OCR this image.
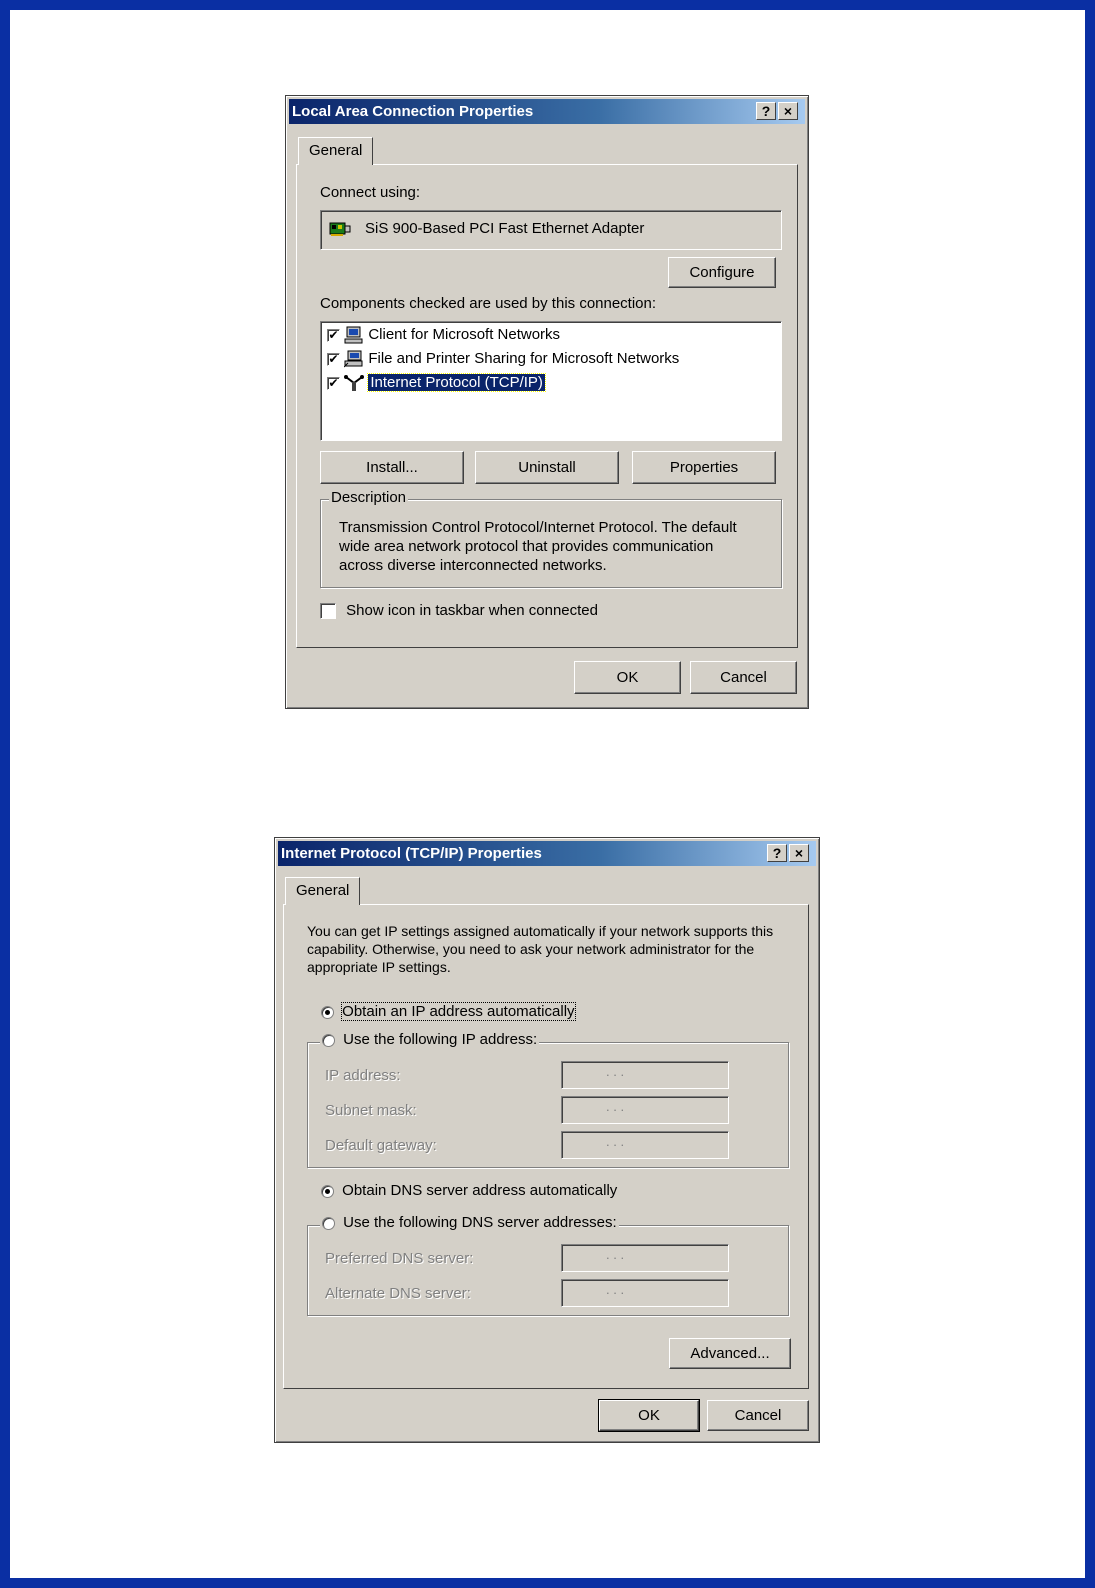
Local Area Connection Properties	? ×
General
Connect using:
SiS 900-Based PCI Fast Ethernet Adapter
Configure
Components checked are used by this connection:
✔ Client for Microsoft Networks
✔ File and Printer Sharing for Microsoft Networks
✔ Internet Protocol (TCP/IP)
Install...	Uninstall	Properties
Description
Transmission Control Protocol/Internet Protocol. The default wide area network protocol that provides communication across diverse interconnected networks.
Show icon in taskbar when connected
OK	Cancel
Internet Protocol (TCP/IP) Properties	? ×
General
You can get IP settings assigned automatically if your network supports this capability. Otherwise, you need to ask your network administrator for the appropriate IP settings.
Obtain an IP address automatically
Use the following IP address:
IP address:	. . .
Subnet mask:	. . .
Default gateway:	. . .
Obtain DNS server address automatically
Use the following DNS server addresses:
Preferred DNS server:	. . .
Alternate DNS server:	. . .
Advanced...
OK	Cancel
